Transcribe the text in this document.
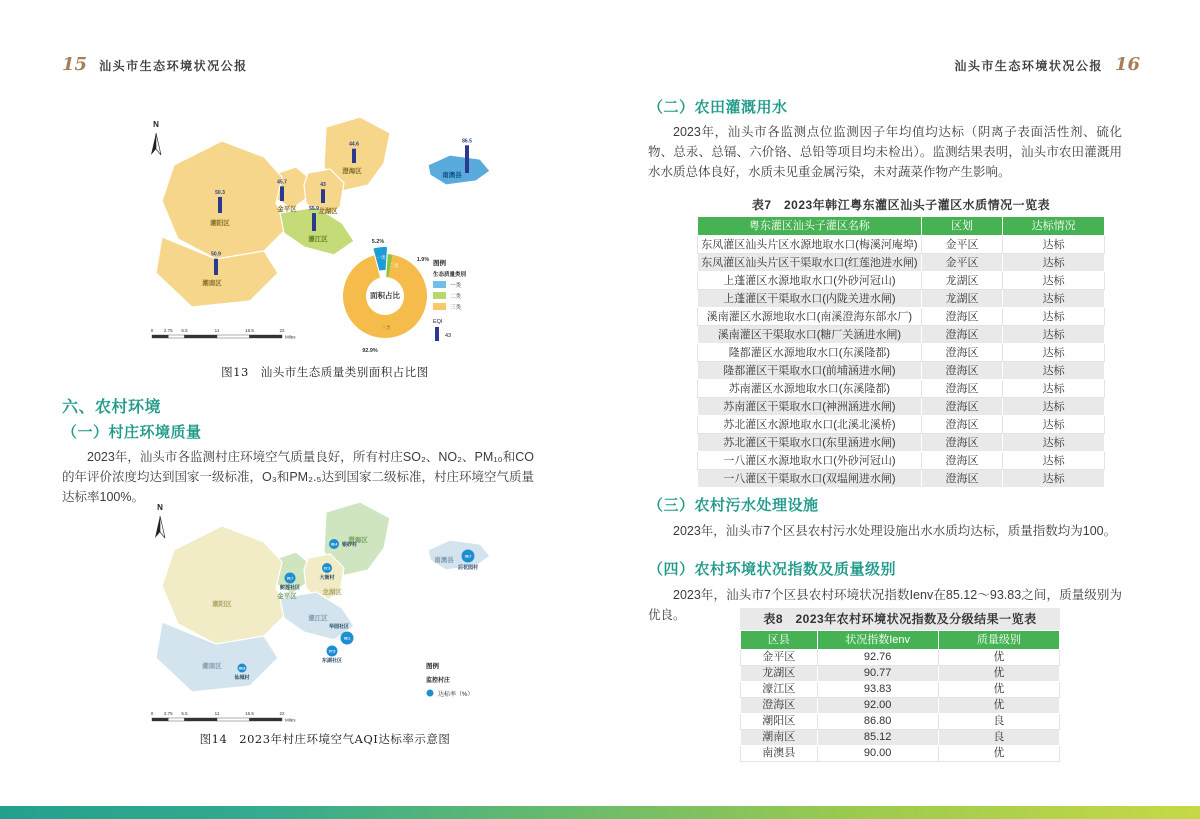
15 汕头市生态环境状况公报
澄海区
44.6
南澳县
86.5
金平区
45.7
龙湖区
43
潮阳区
50.3
濠江区
55.9
潮南区
50.9
N
0 2.75 5.5	11	16.5	22
Miles
5.2%
1.9%
92.9%
一类
二类
三类
面积占比
图例
生态质量类别
一类
二类
三类
EQI
43
图13　汕头市生态质量类别面积占比图
六、农村环境
（一）村庄环境质量
2023年，汕头市各监测村庄环境空气质量良好，所有村庄SO₂、NO₂、PM₁₀和CO的年评价浓度均达到国家一级标准，O₃和PM₂.₅达到国家二级标准，村庄环境空气质量达标率100%。
澄海区
南澳县
金平区
龙湖区
潮阳区
濠江区
潮南区
98.4 银砂村
97.3
大衙村
96.7
鮀莲社区
98.1
华园社区
97.5
东湖社区
98.6
仙城村
98.7
后花园村
N
0 2.75 5.5	11	16.5	22
Miles
图例
监控村庄
达标率（%）
图14　2023年村庄环境空气AQI达标率示意图
汕头市生态环境状况公报 16
（二）农田灌溉用水
2023年，汕头市各监测点位监测因子年均值均达标（阴离子表面活性剂、硫化物、总汞、总镉、六价铬、总铅等项目均未检出）。监测结果表明，汕头市农田灌溉用水水质总体良好，水质未见重金属污染，未对蔬菜作物产生影响。
表7　2023年韩江粤东灌区汕头子灌区水质情况一览表
粤东灌区汕头子灌区名称	区划	达标情况
东凤灌区汕头片区水源地取水口(梅溪河庵埠)	金平区	达标
东凤灌区汕头片区干渠取水口(红莲池进水闸)	金平区	达标
上蓬灌区水源地取水口(外砂河冠山)	龙湖区	达标
上蓬灌区干渠取水口(内陇关进水闸)	龙湖区	达标
溪南灌区水源地取水口(南溪澄海东部水厂)	澄海区	达标
溪南灌区干渠取水口(糖厂关涵进水闸)	澄海区	达标
隆都灌区水源地取水口(东溪隆都)	澄海区	达标
隆都灌区干渠取水口(前埔涵进水闸)	澄海区	达标
苏南灌区水源地取水口(东溪隆都)	澄海区	达标
苏南灌区干渠取水口(神洲涵进水闸)	澄海区	达标
苏北灌区水源地取水口(北溪北溪桥)	澄海区	达标
苏北灌区干渠取水口(东里涵进水闸)	澄海区	达标
一八灌区水源地取水口(外砂河冠山)	澄海区	达标
一八灌区干渠取水口(双塭闸进水闸)	澄海区	达标
（三）农村污水处理设施
2023年，汕头市7个区县农村污水处理设施出水水质均达标，质量指数均为100。
（四）农村环境状况指数及质量级别
2023年，汕头市7个区县农村环境状况指数Ienv在85.12～93.83之间，质量级别为优良。	表8　2023年农村环境状况指数及分级结果一览表
区县	状况指数Ienv	质量级别
金平区	92.76	优
龙湖区	90.77	优
濠江区	93.83	优
澄海区	92.00	优
潮阳区	86.80	良
潮南区	85.12	良
南澳县	90.00	优
